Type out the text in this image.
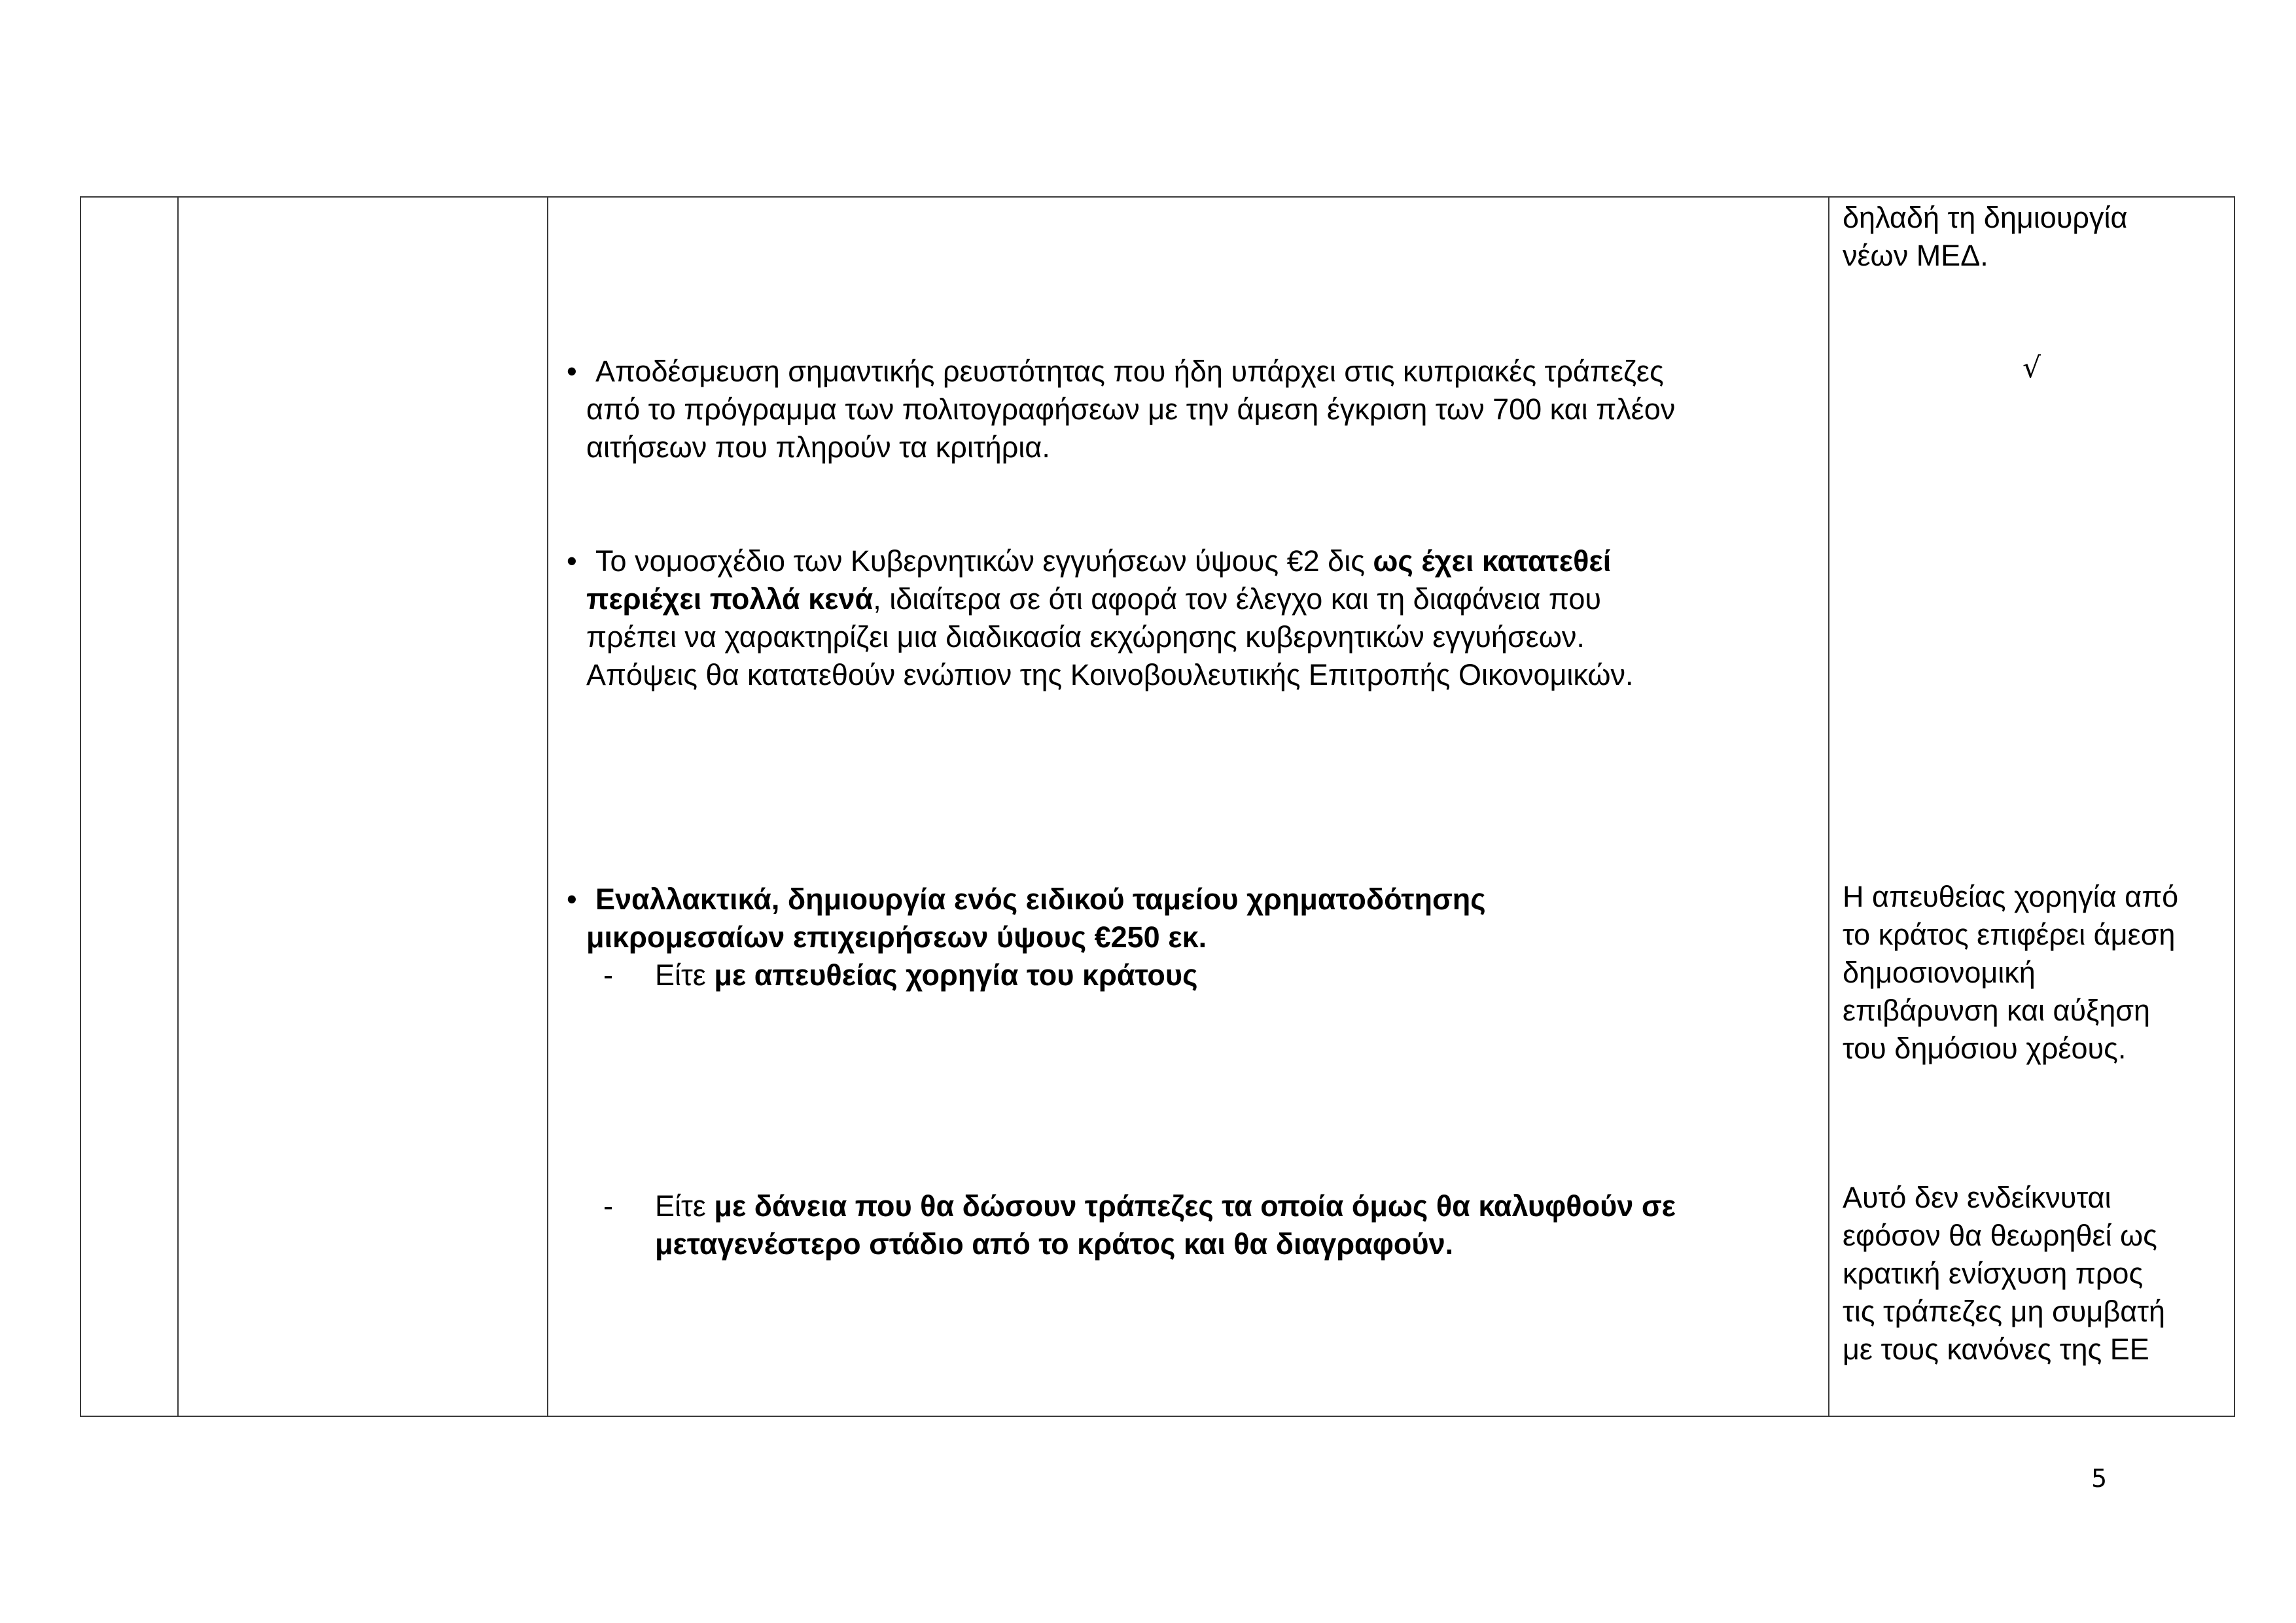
δηλαδή τη δημιουργία

νέων ΜΕΔ.

• Αποδέσμευση σημαντικής ρευστότητας που ήδη υπάρχει στις κυπριακές τράπεζες

από το πρόγραμμα των πολιτογραφήσεων με την άμεση έγκριση των 700 και πλέον

αιτήσεων που πληρούν τα κριτήρια.

√
• Το νομοσχέδιο των Κυβερνητικών εγγυήσεων ύψους €2 δις ως έχει κατατεθεί

περιέχει πολλά κενά, ιδιαίτερα σε ότι αφορά τον έλεγχο και τη διαφάνεια που

πρέπει να χαρακτηρίζει μια διαδικασία εκχώρησης κυβερνητικών εγγυήσεων.

Απόψεις θα κατατεθούν ενώπιον της Κοινοβουλευτικής Επιτροπής Οικονομικών.

• Εναλλακτικά, δημιουργία ενός ειδικού ταμείου χρηματοδότησης

μικρομεσαίων επιχειρήσεων ύψους €250 εκ.

- Είτε με απευθείας χορηγία του κράτους

- Είτε με δάνεια που θα δώσουν τράπεζες τα οποία όμως θα καλυφθούν σε

μεταγενέστερο στάδιο από το κράτος και θα διαγραφούν.

Η απευθείας χορηγία από

το κράτος επιφέρει άμεση

δημοσιονομική

επιβάρυνση και αύξηση

του δημόσιου χρέους.

Αυτό δεν ενδείκνυται

εφόσον θα θεωρηθεί ως

κρατική ενίσχυση προς

τις τράπεζες μη συμβατή

με τους κανόνες της ΕΕ

5
